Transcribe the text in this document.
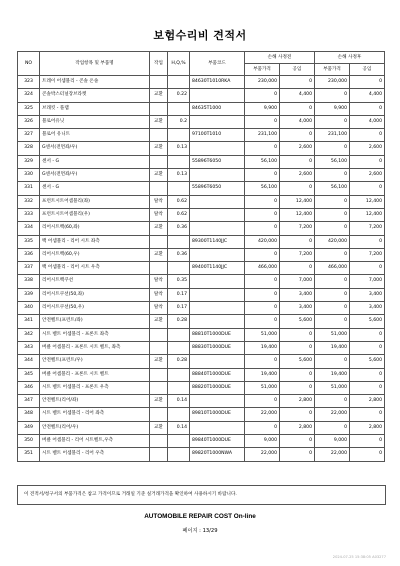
보험수리비 견적서
NO	작업항목 및 부품명	작업	H,Q,%	부품코드	손해 사정전		손해 사정후	
					부품가격	공임	부품가격	공임
323	트레이 어셈블리 - 콘솔 온솔			84630T1010RKA	230,000	0	230,000	0
324	콘솔박스터널장브라켓	교환	0.22		0	4,400	0	4,400
325	브래킷 - 플랩			84635T1000	9,900	0	9,900	0
326	블로어유닛	교환	0.2		0	4,000	0	4,000
327	블로어 유니트			97100T1010	231,100	0	231,100	0
328	G센서(전면좌/우)	교환	0.13		0	2,600	0	2,600
329	센서 - G			55896T6050	56,100	0	56,100	0
330	G센서(전면좌/우)	교환	0.13		0	2,600	0	2,600
331	센서 - G			55896T6050	56,100	0	56,100	0
332	프런트시트어셈블리(좌)	탈착	0.62		0	12,400	0	12,400
333	프런트시트어셈블리(우)	탈착	0.62		0	12,400	0	12,400
334	리어시트백(60,좌)	교환	0.36		0	7,200	0	7,200
335	백 어셈블리 - 리어 시트 좌측			89300T1140JJC	420,000	0	420,000	0
336	리어시트백(60,우)	교환	0.36		0	7,200	0	7,200
337	백 어셈블리 - 리어 시트 우측			89400T1140JJC	466,000	0	466,000	0
338	리어시트백쿠션	탈착	0.35		0	7,000	0	7,000
339	리어시트쿠션(50,좌)	탈착	0.17		0	3,400	0	3,400
340	리어시트쿠션(50,우)	탈착	0.17		0	3,400	0	3,400
341	안전벨트(프런트/좌)	교환	0.28		0	5,600	0	5,600
342	시트 벨트 어셈블리 - 프론트 좌측			88810T1000DUE	51,000	0	51,000	0
343	버클 어셈블리 - 프론트 시트 벨트, 좌측			88830T1000DUE	19,400	0	19,400	0
344	안전벨트(프런트/우)	교환	0.28		0	5,600	0	5,600
345	버클 어셈블리 - 프론트 시트 벨트			88840T1000DUE	19,400	0	19,400	0
346	시트 벨트 어셈블리 - 프론트 우측			88820T1000DUE	51,000	0	51,000	0
347	안전벨트(리어/좌)	교환	0.14		0	2,800	0	2,800
348	시트 벨트 어셈블리 - 리어 좌측			89810T1000DUE	22,000	0	22,000	0
349	안전벨트(리어/우)	교환	0.14		0	2,800	0	2,800
350	버클 어셈블리 - 리어 시트벨트,우측			89840T1000DUE	9,000	0	9,000	0
351	시트 벨트 어셈블리 - 리어 우측			89820T1000NWA	22,000	0	22,000	0
이 견적서/청구서의 부품가격은 참고 가격이므로 거래일 기준 실거래가격을 확인하여 사용하시기 바랍니다.
AUTOMOBILE REPAIR COST On-line
페이지 : 13/29
2024-07-25 15:38:05 A03277
